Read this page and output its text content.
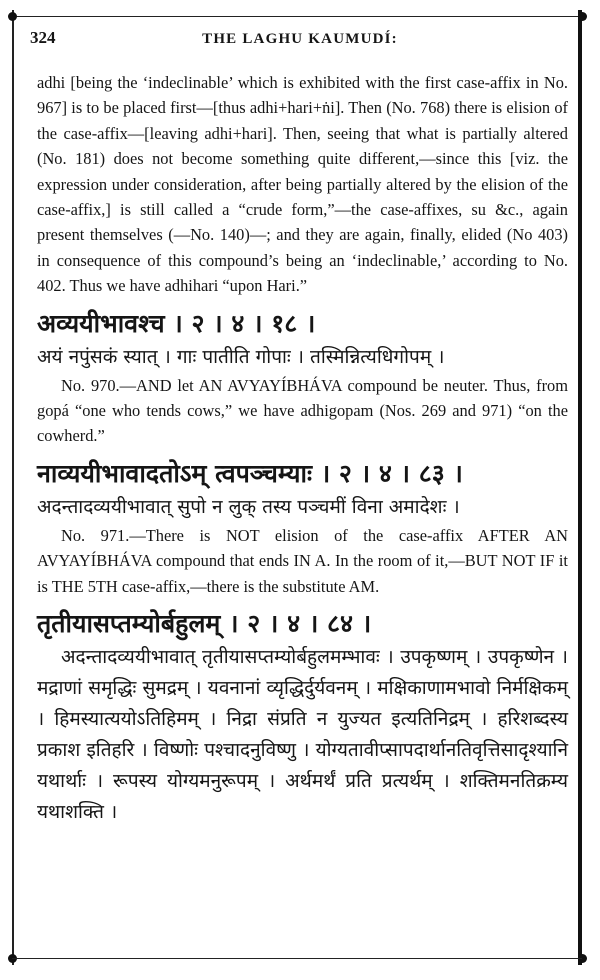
324	THE LAGHU KAUMUDÍ:

adhi [being the ‘indeclinable’ which is exhibited with the first case-affix in No. 967] is to be placed first—[thus adhi+hari+ṅi]. Then (No. 768) there is elision of the case-affix—[leaving adhi+hari]. Then, seeing that what is partially altered (No. 181) does not become something quite different,—since this [viz. the expression under consideration, after being partially altered by the elision of the case-affix,] is still called a “crude form,”—the case-affixes, su &c., again present themselves (—No. 140)—; and they are again, finally, elided (No 403) in consequence of this compound’s being an ‘indeclinable,’ according to No. 402. Thus we have adhihari “upon Hari.”

अव्ययीभावश्च । २ । ४ । १८ ।
अयं नपुंसकं स्यात् । गाः पातीति गोपाः । तस्मिन्नित्यधिगोपम् ।

No. 970.—AND let AN AVYAYÍBHÁVA compound be neuter. Thus, from gopá “one who tends cows,” we have adhigopam (Nos. 269 and 971) “on the cowherd.”

नाव्ययीभावादतोऽम् त्वपञ्चम्याः । २ । ४ । ८३ ।
अदन्तादव्ययीभावात् सुपो न लुक् तस्य पञ्चमीं विना अमादेशः ।

No. 971.—There is NOT elision of the case-affix AFTER AN AVYAYÍBHÁVA compound that ends IN A. In the room of it,—BUT NOT IF it is THE 5TH case-affix,—there is the substitute AM.

तृतीयासप्तम्योर्बहुलम् । २ । ४ । ८४ ।
अदन्तादव्ययीभावात् तृतीयासप्तम्योर्बहुलमम्भावः । उपकृष्णम् । उपकृष्णेन । मद्राणां समृद्धिः सुमद्रम् । यवनानां व्यृद्धिर्दुर्यवनम् । मक्षिकाणामभावो निर्मक्षिकम् । हिमस्यात्ययोऽतिहिमम् । निद्रा संप्रति न युज्यत इत्यतिनिद्रम् । हरिशब्दस्य प्रकाश इतिहरि । विष्णोः पश्चादनुविष्णु । योग्यतावीप्सापदार्थानतिवृत्तिसादृश्यानि यथार्थाः । रूपस्य योग्यमनुरूपम् । अर्थमर्थं प्रति प्रत्यर्थम् । शक्तिमनतिक्रम्य यथाशक्ति ।
